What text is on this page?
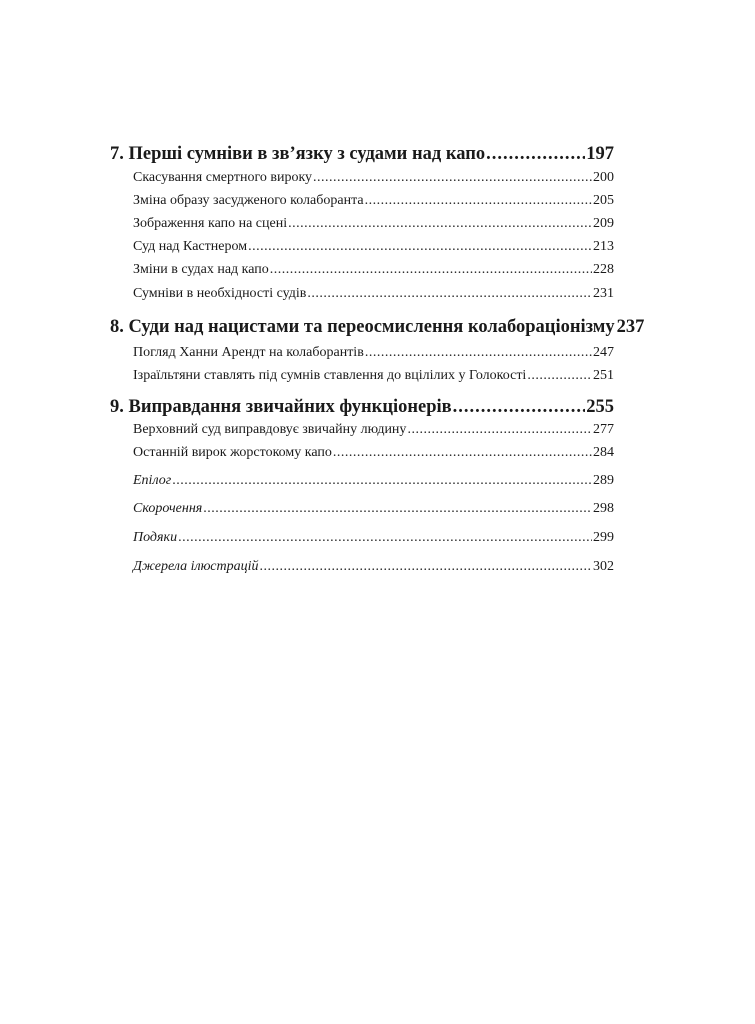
7. Перші сумніви в зв’язку з судами над капо .....	197
Скасування смертного вироку .....	200
Зміна образу засудженого колаборанта .....	205
Зображення капо на сцені .....	209
Суд над Кастнером .....	213
Зміни в судах над капо .....	228
Сумніви в необхідності судів .....	231
8. Суди над нацистами та переосмислення колабораціонізму 237
Погляд Ханни Арендт на колаборантів .....	247
Ізраїльтяни ставлять під сумнів ставлення до вцілілих у Голокості .....	251
9. Виправдання звичайних функціонерів .....	255
Верховний суд виправдовує звичайну людину .....	277
Останній вирок жорстокому капо .....	284
Епілог .....	289
Скорочення .....	298
Подяки .....	299
Джерела ілюстрацій .....	302
